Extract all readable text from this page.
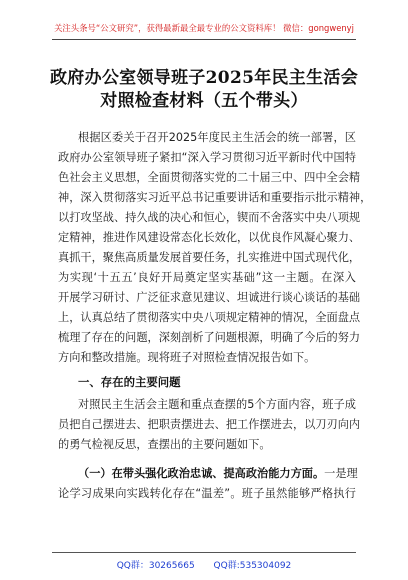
关注头条号“公文研究”，获得最新最全最专业的公文资料库！ 微信：gongwenyj
政府办公室领导班子2025年民主生活会
对照检查材料（五个带头）
根据区委关于召开2025年度民主生活会的统一部署，区
政府办公室领导班子紧扣“深入学习贯彻习近平新时代中国特
色社会主义思想，全面贯彻落实党的二十届三中、四中全会精
神，深入贯彻落实习近平总书记重要讲话和重要指示批示精神，
以打攻坚战、持久战的决心和恒心，锲而不舍落实中央八项规
定精神，推进作风建设常态化长效化，以优良作风凝心聚力、
真抓干，聚焦高质量发展首要任务，扎实推进中国式现代化，
为实现‘十五五’良好开局奠定坚实基础”这一主题。在深入
开展学习研讨、广泛征求意见建议、坦诚进行谈心谈话的基础
上，认真总结了贯彻落实中央八项规定精神的情况，全面盘点
梳理了存在的问题，深刻剖析了问题根源，明确了今后的努力
方向和整改措施。现将班子对照检查情况报告如下。
一、存在的主要问题
对照民主生活会主题和重点查摆的5个方面内容，班子成
员把自己摆进去、把职责摆进去、把工作摆进去，以刀刃向内
的勇气检视反思，查摆出的主要问题如下。
（一）在带头强化政治忠诚、提高政治能力方面。一是理
论学习成果向实践转化存在“温差”。班子虽然能够严格执行
QQ群：30265665 QQ群:535304092
